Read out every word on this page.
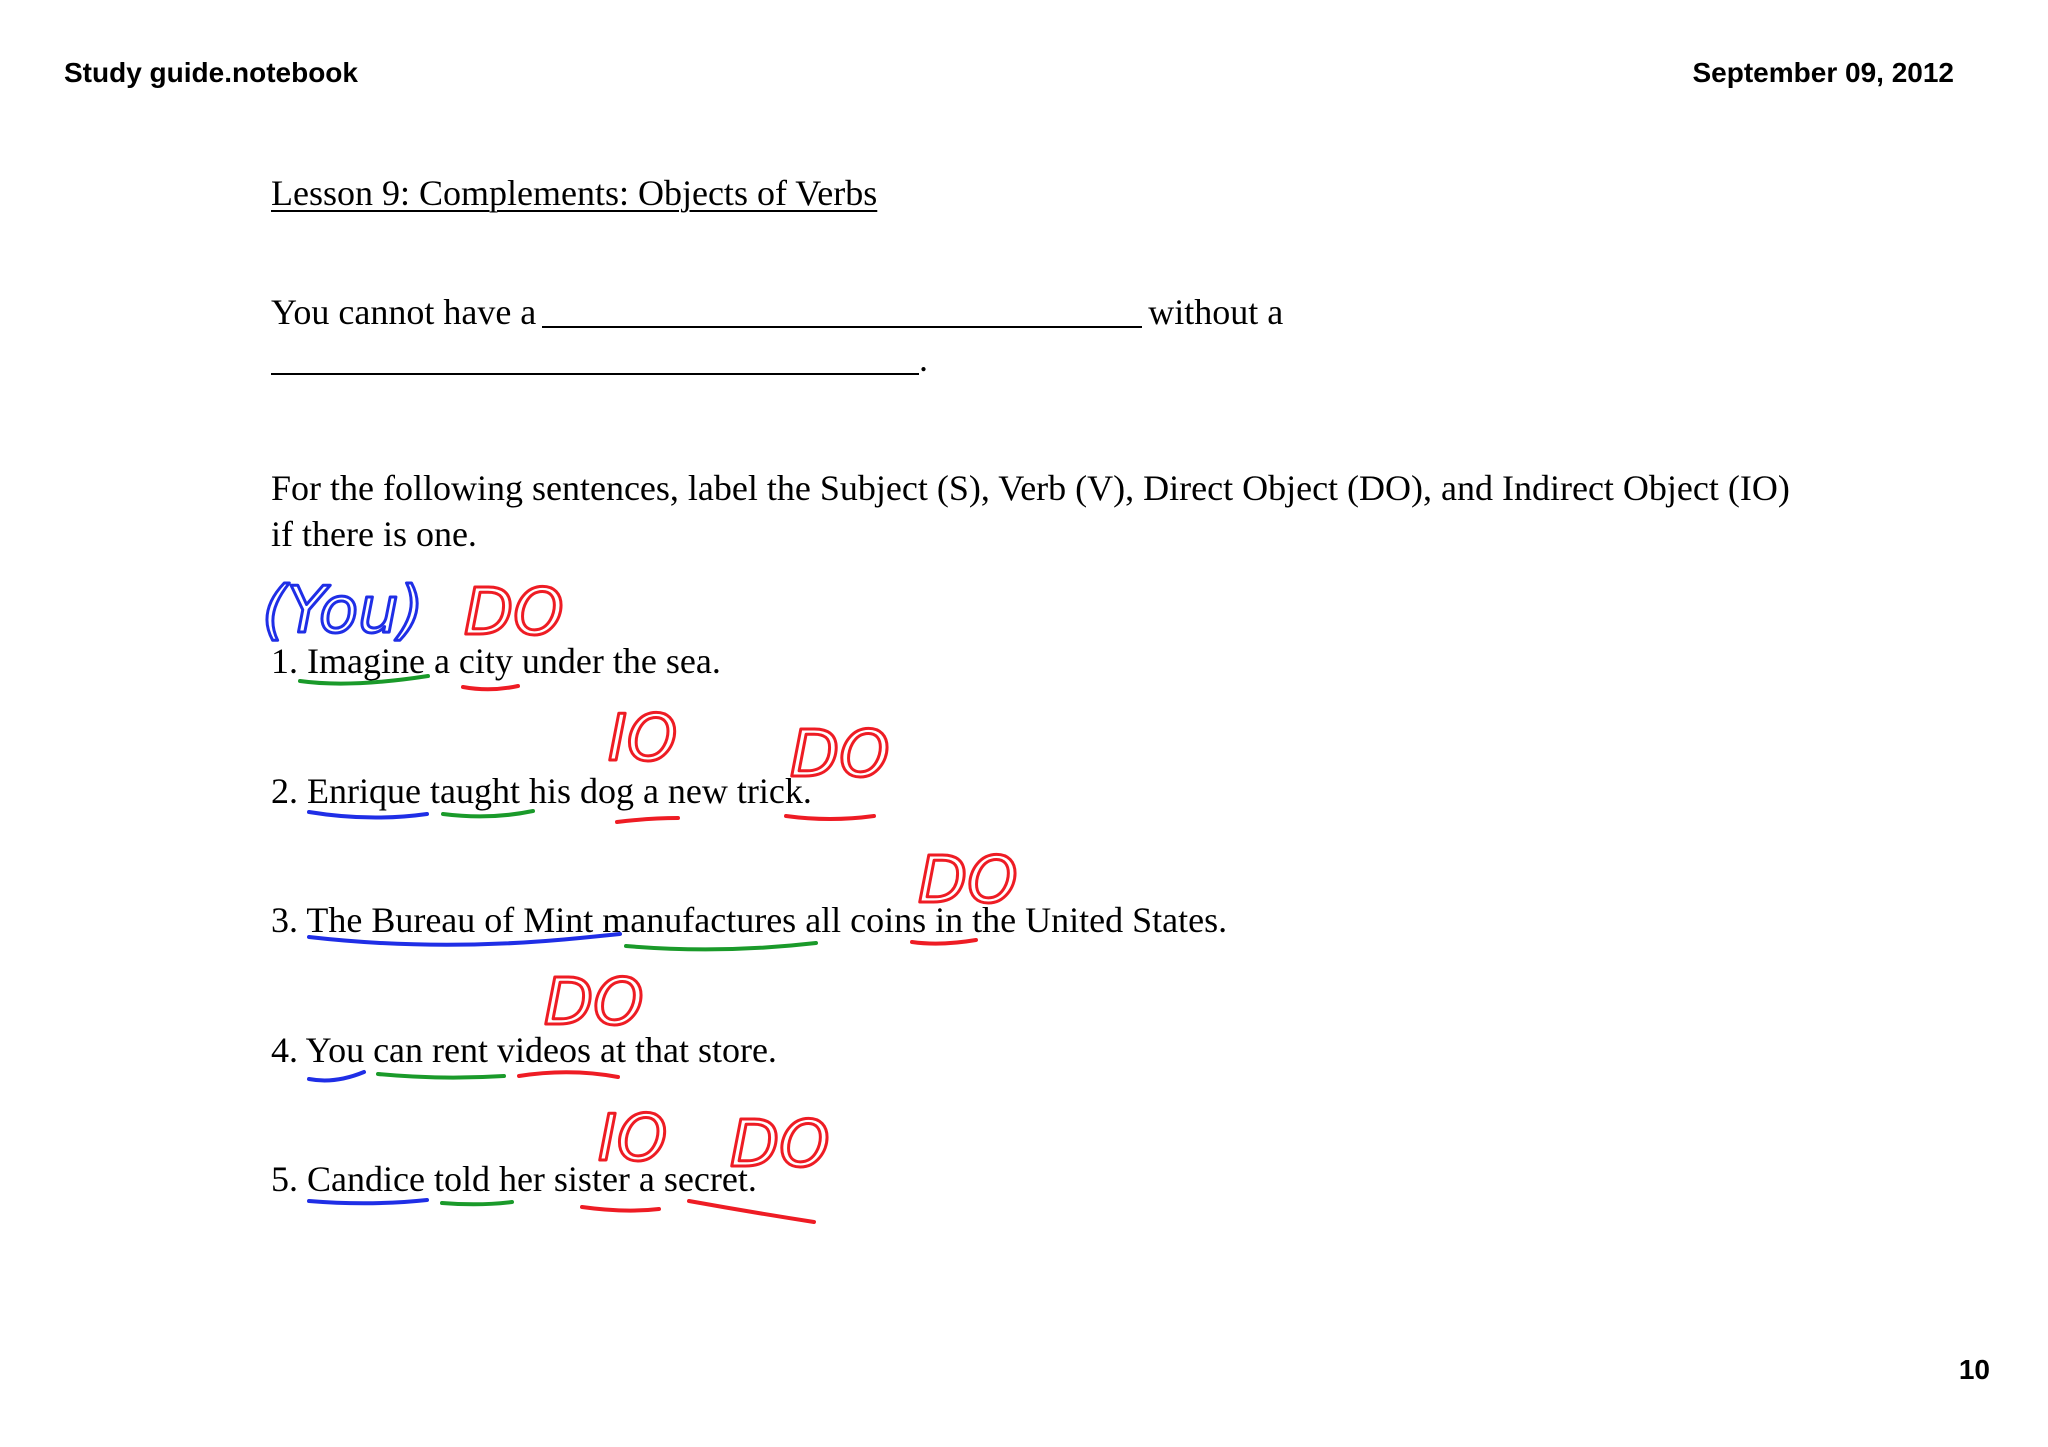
Study guide.notebook	September 09, 2012
Lesson 9: Complements: Objects of Verbs
You cannot have a	without a
.
For the following sentences, label the Subject (S), Verb (V), Direct Object (DO), and Indirect Object (IO) if there is one.
1. Imagine a city under the sea.
2. Enrique taught his dog a new trick.
3. The Bureau of Mint manufactures all coins in the United States.
4. You can rent videos at that store.
5. Candice told her sister a secret.
(You) DO
IO DO
DO
DO
IO DO
10
